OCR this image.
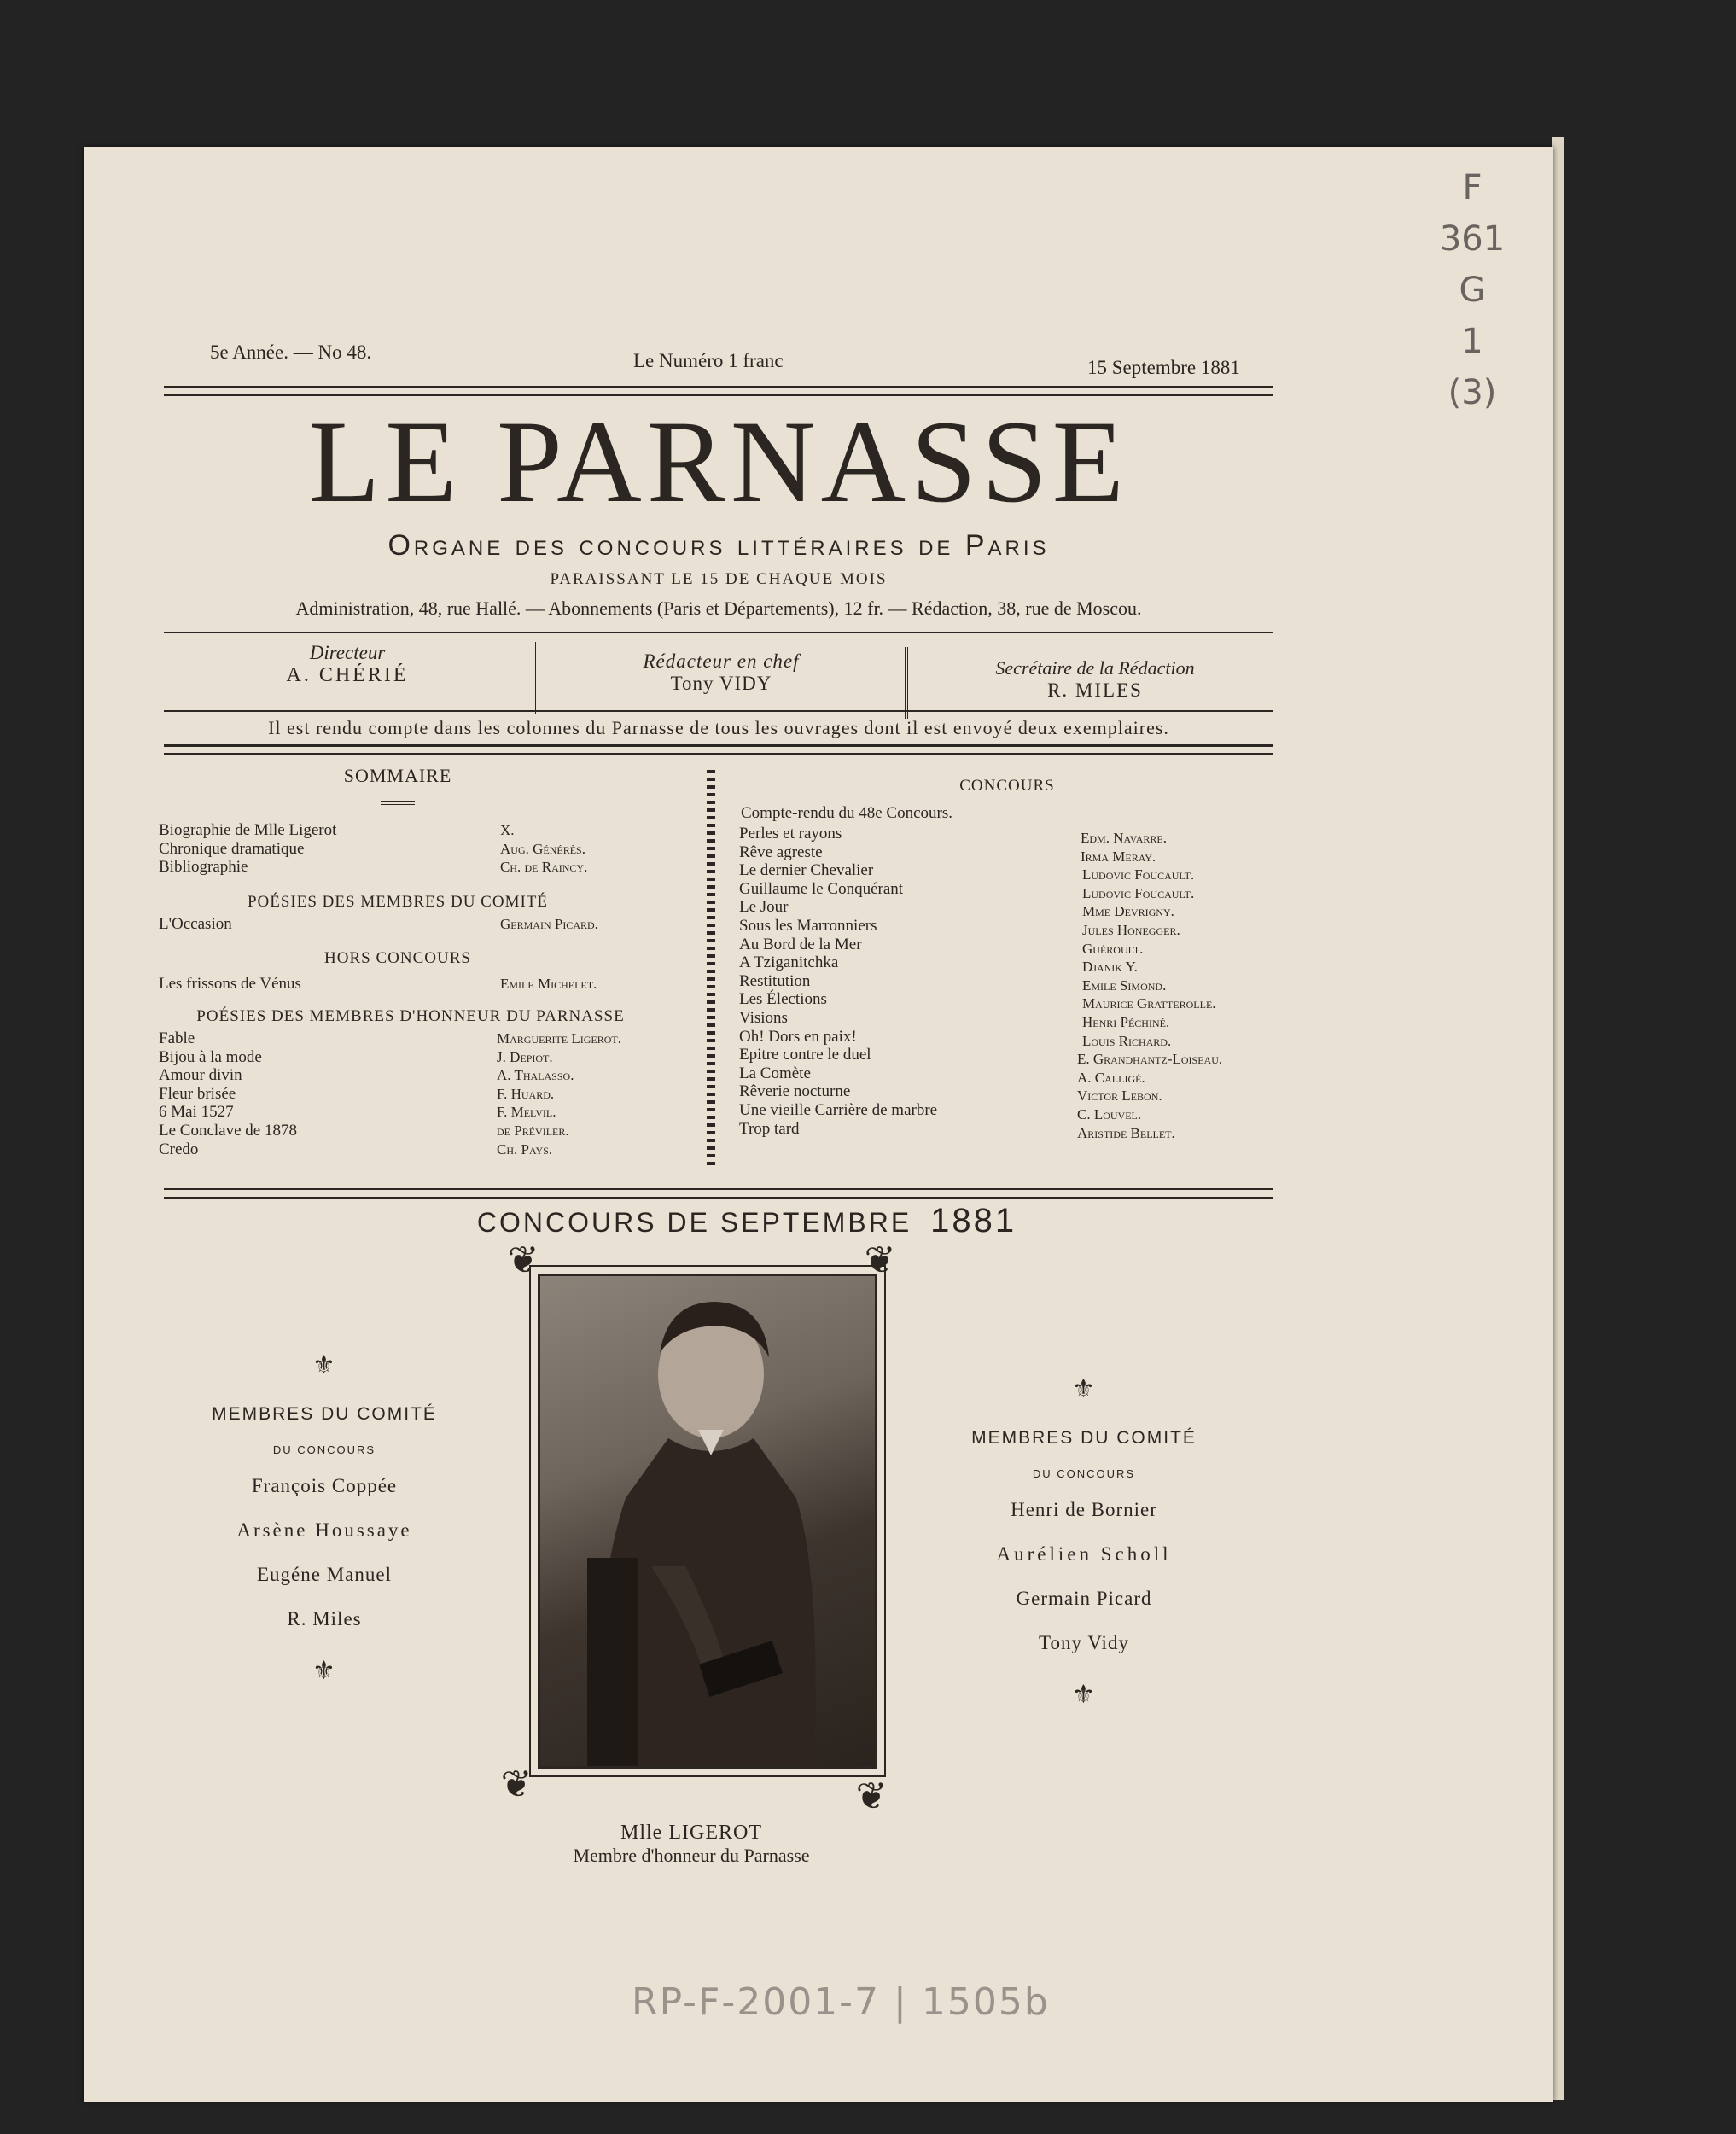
F
361
G
1
(3)
5e Année. — No 48.	Le Numéro 1 franc	15 Septembre 1881
LE PARNASSE
Organe des concours littéraires de Paris
PARAISSANT LE 15 DE CHAQUE MOIS
Administration, 48, rue Hallé. — Abonnements (Paris et Départements), 12 fr. — Rédaction, 38, rue de Moscou.
Directeur
A. CHÉRIÉ
Rédacteur en chef
Tony VIDY
Secrétaire de la Rédaction
R. MILES
Il est rendu compte dans les colonnes du Parnasse de tous les ouvrages dont il est envoyé deux exemplaires.
SOMMAIRE
Biographie de Mlle Ligerot	X.
Chronique dramatique	Aug. Générès.
Bibliographie	Ch. de Raincy.
POÉSIES DES MEMBRES DU COMITÉ
L'Occasion	Germain Picard.
HORS CONCOURS
Les frissons de Vénus	Emile Michelet.
POÉSIES DES MEMBRES D'HONNEUR DU PARNASSE
Fable	Marguerite Ligerot.
Bijou à la mode	J. Depiot.
Amour divin	A. Thalasso.
Fleur brisée	F. Huard.
6 Mai 1527	F. Melvil.
Le Conclave de 1878	de Préviler.
Credo	Ch. Pays.
CONCOURS
Compte-rendu du 48e Concours.
Perles et rayons	Edm. Navarre.
Rêve agreste	Irma Meray.
Le dernier Chevalier	Ludovic Foucault.
Guillaume le Conquérant	Ludovic Foucault.
Le Jour	Mme Devrigny.
Sous les Marronniers	Jules Honegger.
Au Bord de la Mer	Guéroult.
A Tziganitchka	Djanik Y.
Restitution	Emile Simond.
Les Élections	Maurice Gratterolle.
Visions	Henri Péchiné.
Oh! Dors en paix!	Louis Richard.
Epitre contre le duel	E. Grandhantz-Loiseau.
La Comète	A. Calligé.
Rêverie nocturne	Victor Lebon.
Une vieille Carrière de marbre	C. Louvel.
Trop tard	Aristide Bellet.
CONCOURS DE SEPTEMBRE 1881
❦	❦
❦	❦
Mlle LIGEROT
Membre d'honneur du Parnasse
⚜
MEMBRES DU COMITÉ
DU CONCOURS
François Coppée
Arsène Houssaye
Eugéne Manuel
R. Miles
⚜
⚜
MEMBRES DU COMITÉ
DU CONCOURS
Henri de Bornier
Aurélien Scholl
Germain Picard
Tony Vidy
⚜
RP-F-2001-7 | 1505b
